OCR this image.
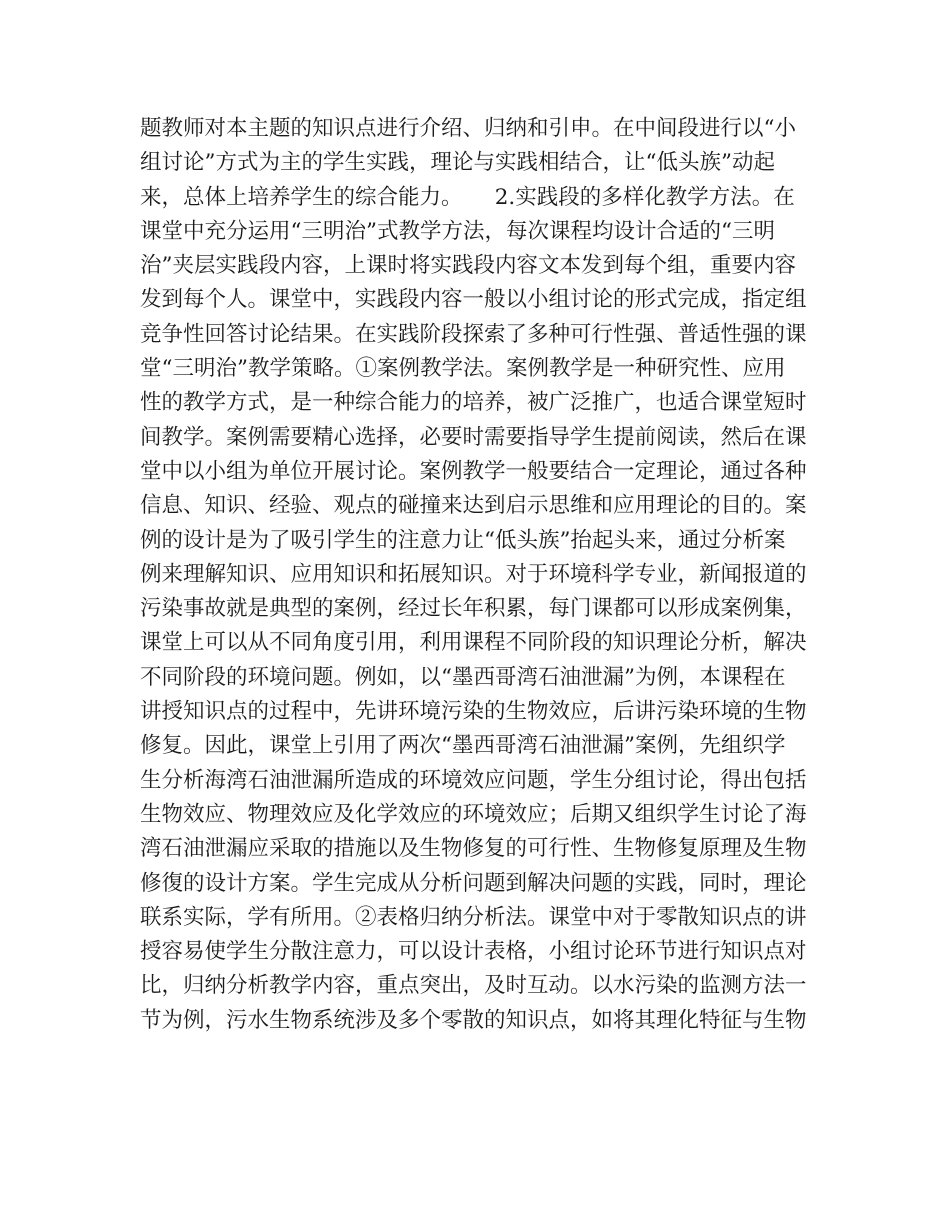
题教师对本主题的知识点进行介绍、归纳和引申。在中间段进行以“小
组讨论”方式为主的学生实践，理论与实践相结合，让“低头族”动起
来，总体上培养学生的综合能力。　　2.实践段的多样化教学方法。在
课堂中充分运用“三明治”式教学方法，每次课程均设计合适的“三明
治”夹层实践段内容，上课时将实践段内容文本发到每个组，重要内容
发到每个人。课堂中，实践段内容一般以小组讨论的形式完成，指定组
竞争性回答讨论结果。在实践阶段探索了多种可行性强、普适性强的课
堂“三明治”教学策略。①案例教学法。案例教学是一种研究性、应用
性的教学方式，是一种综合能力的培养，被广泛推广，也适合课堂短时
间教学。案例需要精心选择，必要时需要指导学生提前阅读，然后在课
堂中以小组为单位开展讨论。案例教学一般要结合一定理论，通过各种
信息、知识、经验、观点的碰撞来达到启示思维和应用理论的目的。案
例的设计是为了吸引学生的注意力让“低头族”抬起头来，通过分析案
例来理解知识、应用知识和拓展知识。对于环境科学专业，新闻报道的
污染事故就是典型的案例，经过长年积累，每门课都可以形成案例集，
课堂上可以从不同角度引用，利用课程不同阶段的知识理论分析，解决
不同阶段的环境问题。例如，以“墨西哥湾石油泄漏”为例，本课程在
讲授知识点的过程中，先讲环境污染的生物效应，后讲污染环境的生物
修复。因此，课堂上引用了两次“墨西哥湾石油泄漏”案例，先组织学
生分析海湾石油泄漏所造成的环境效应问题，学生分组讨论，得出包括
生物效应、物理效应及化学效应的环境效应；后期又组织学生讨论了海
湾石油泄漏应采取的措施以及生物修复的可行性、生物修复原理及生物
修復的设计方案。学生完成从分析问题到解决问题的实践，同时，理论
联系实际，学有所用。②表格归纳分析法。课堂中对于零散知识点的讲
授容易使学生分散注意力，可以设计表格，小组讨论环节进行知识点对
比，归纳分析教学内容，重点突出，及时互动。以水污染的监测方法一
节为例，污水生物系统涉及多个零散的知识点，如将其理化特征与生物
